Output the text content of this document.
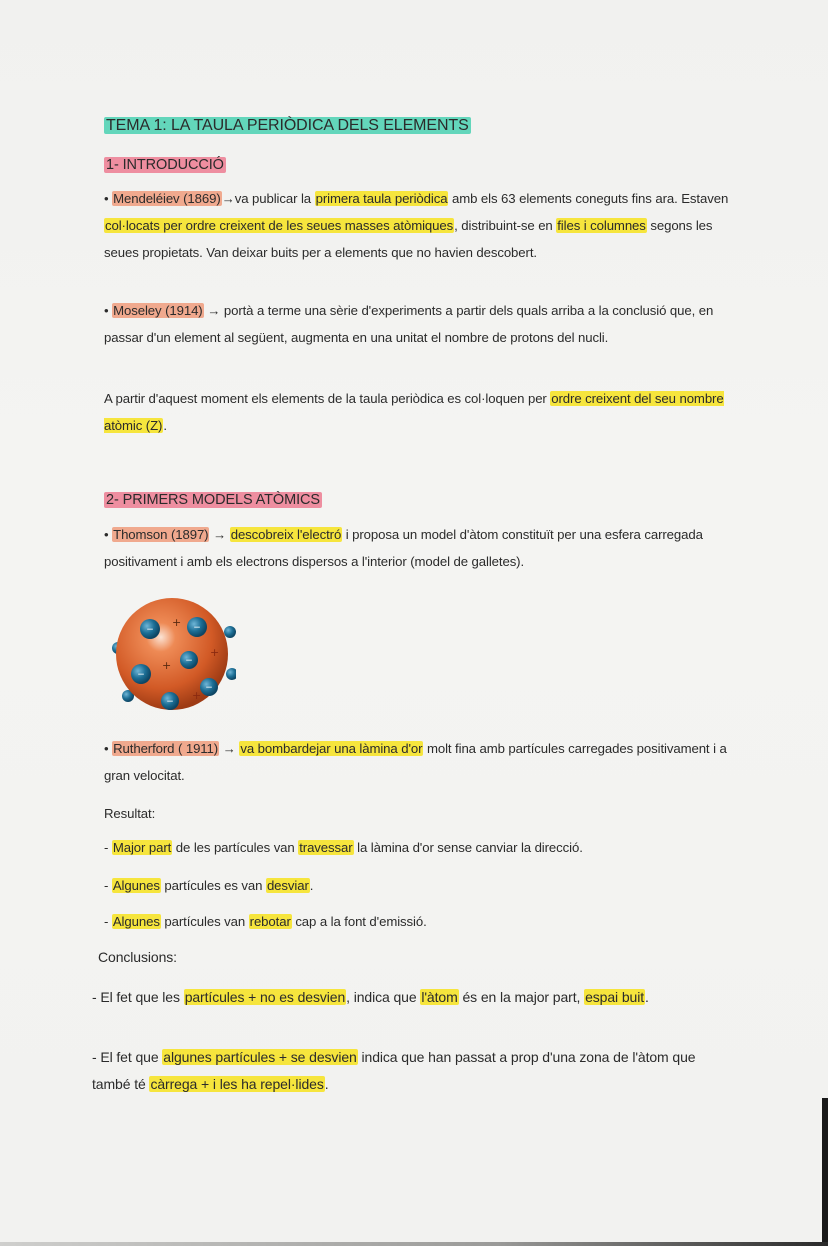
TEMA 1: LA TAULA PERIÒDICA DELS ELEMENTS
1- INTRODUCCIÓ
• Mendeléiev (1869)→va publicar la primera taula periòdica amb els 63 elements coneguts fins ara. Estaven col·locats per ordre creixent de les seues masses atòmiques, distribuint-se en files i columnes segons les seues propietats. Van deixar buits per a elements que no havien descobert.
• Moseley (1914) → portà a terme una sèrie d'experiments a partir dels quals arriba a la conclusió que, en passar d'un element al següent, augmenta en una unitat el nombre de protons del nucli.
A partir d'aquest moment els elements de la taula periòdica es col·loquen per ordre creixent del seu nombre atòmic (Z).
2- PRIMERS MODELS ATÒMICS
• Thomson (1897) → descobreix l'electró i proposa un model d'àtom constituït per una esfera carregada positivament i amb els electrons dispersos a l'interior (model de galletes).
• Rutherford ( 1911) → va bombardejar una làmina d'or molt fina amb partícules carregades positivament i a gran velocitat.
Resultat:
- Major part de les partícules van travessar la làmina d'or sense canviar la direcció.
- Algunes partícules es van desviar.
- Algunes partícules van rebotar cap a la font d'emissió.
Conclusions:
- El fet que les partícules + no es desvien, indica que l'àtom és en la major part, espai buit.
- El fet que algunes partícules + se desvien indica que han passat a prop d'una zona de l'àtom que també té càrrega + i les ha repel·lides.
+
+
+
+
−	−
−
−
−
−
